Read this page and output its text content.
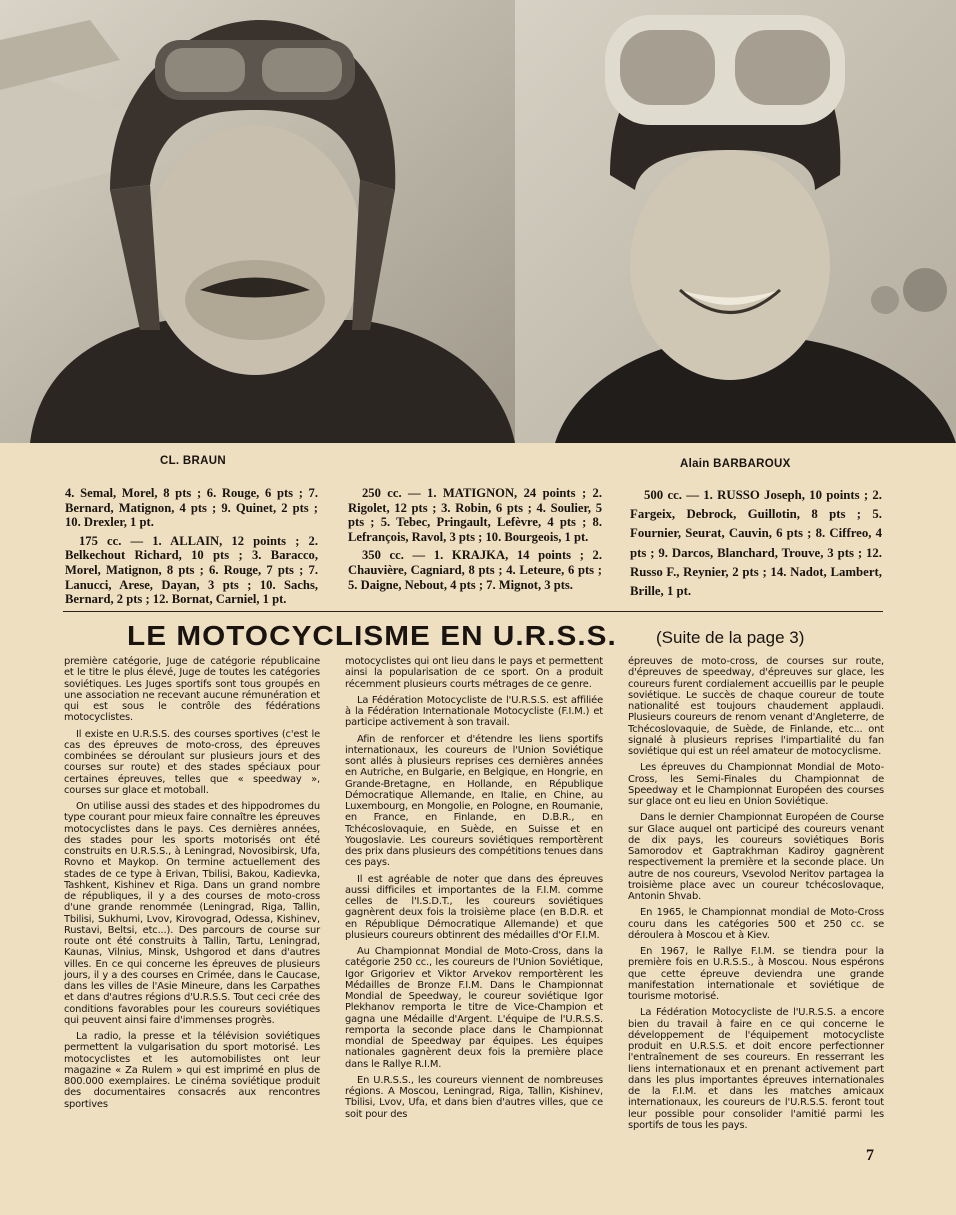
CL. BRAUN	Alain BARBAROUX

4. Semal, Morel, 8 pts ; 6. Rouge, 6 pts ; 7. Bernard, Matignon, 4 pts ; 9. Quinet, 2 pts ; 10. Drexler, 1 pt.

175 cc. — 1. ALLAIN, 12 points ; 2. Belkechout Richard, 10 pts ; 3. Baracco, Morel, Matignon, 8 pts ; 6. Rouge, 7 pts ; 7. Lanucci, Arese, Dayan, 3 pts ; 10. Sachs, Bernard, 2 pts ; 12. Bornat, Carniel, 1 pt.

250 cc. — 1. MATIGNON, 24 points ; 2. Rigolet, 12 pts ; 3. Robin, 6 pts ; 4. Soulier, 5 pts ; 5. Tebec, Pringault, Lefèvre, 4 pts ; 8. Lefrançois, Ravol, 3 pts ; 10. Bourgeois, 1 pt.

350 cc. — 1. KRAJKA, 14 points ; 2. Chauvière, Cagniard, 8 pts ; 4. Leteure, 6 pts ; 5. Daigne, Nebout, 4 pts ; 7. Mignot, 3 pts.

500 cc. — 1. RUSSO Joseph, 10 points ; 2. Fargeix, Debrock, Guillotin, 8 pts ; 5. Fournier, Seurat, Cauvin, 6 pts ; 8. Ciffreo, 4 pts ; 9. Darcos, Blanchard, Trouve, 3 pts ; 12. Russo F., Reynier, 2 pts ; 14. Nadot, Lambert, Brille, 1 pt.

LE MOTOCYCLISME EN U.R.S.S. (Suite de la page 3)

première catégorie, Juge de catégorie républicaine et le titre le plus élevé, Juge de toutes les catégories soviétiques. Les Juges sportifs sont tous groupés en une association ne recevant aucune rémunération et qui est sous le contrôle des fédérations motocyclistes.

Il existe en U.R.S.S. des courses sportives (c'est le cas des épreuves de moto-cross, des épreuves combinées se déroulant sur plusieurs jours et des courses sur route) et des stades spéciaux pour certaines épreuves, telles que « speedway », courses sur glace et motoball.

On utilise aussi des stades et des hippodromes du type courant pour mieux faire connaître les épreuves motocyclistes dans le pays. Ces dernières années, des stades pour les sports motorisés ont été construits en U.R.S.S., à Leningrad, Novosibirsk, Ufa, Rovno et Maykop. On termine actuellement des stades de ce type à Erivan, Tbilisi, Bakou, Kadievka, Tashkent, Kishinev et Riga. Dans un grand nombre de républiques, il y a des courses de moto-cross d'une grande renommée (Leningrad, Riga, Tallin, Tbilisi, Sukhumi, Lvov, Kirovograd, Odessa, Kishinev, Rustavi, Beltsi, etc...). Des parcours de course sur route ont été construits à Tallin, Tartu, Leningrad, Kaunas, Vilnius, Minsk, Ushgorod et dans d'autres villes. En ce qui concerne les épreuves de plusieurs jours, il y a des courses en Crimée, dans le Caucase, dans les villes de l'Asie Mineure, dans les Carpathes et dans d'autres régions d'U.R.S.S. Tout ceci crée des conditions favorables pour les coureurs soviétiques qui peuvent ainsi faire d'immenses progrès.

La radio, la presse et la télévision soviétiques permettent la vulgarisation du sport motorisé. Les motocyclistes et les automobilistes ont leur magazine « Za Rulem » qui est imprimé en plus de 800.000 exemplaires. Le cinéma soviétique produit des documentaires consacrés aux rencontres sportives

motocyclistes qui ont lieu dans le pays et permettent ainsi la popularisation de ce sport. On a produit récemment plusieurs courts métrages de ce genre.

La Fédération Motocycliste de l'U.R.S.S. est affiliée à la Fédération Internationale Motocycliste (F.I.M.) et participe activement à son travail.

Afin de renforcer et d'étendre les liens sportifs internationaux, les coureurs de l'Union Soviétique sont allés à plusieurs reprises ces dernières années en Autriche, en Bulgarie, en Belgique, en Hongrie, en Grande-Bretagne, en Hollande, en République Démocratique Allemande, en Italie, en Chine, au Luxembourg, en Mongolie, en Pologne, en Roumanie, en France, en Finlande, en D.B.R., en Tchécoslovaquie, en Suède, en Suisse et en Yougoslavie. Les coureurs soviétiques remportèrent des prix dans plusieurs des compétitions tenues dans ces pays.

Il est agréable de noter que dans des épreuves aussi difficiles et importantes de la F.I.M. comme celles de l'I.S.D.T., les coureurs soviétiques gagnèrent deux fois la troisième place (en B.D.R. et en République Démocratique Allemande) et que plusieurs coureurs obtinrent des médailles d'Or F.I.M.

Au Championnat Mondial de Moto-Cross, dans la catégorie 250 cc., les coureurs de l'Union Soviétique, Igor Grigoriev et Viktor Arvekov remportèrent les Médailles de Bronze F.I.M. Dans le Championnat Mondial de Speedway, le coureur soviétique Igor Plekhanov remporta le titre de Vice-Champion et gagna une Médaille d'Argent. L'équipe de l'U.R.S.S. remporta la seconde place dans le Championnat mondial de Speedway par équipes. Les équipes nationales gagnèrent deux fois la première place dans le Rallye R.I.M.

En U.R.S.S., les coureurs viennent de nombreuses régions. A Moscou, Leningrad, Riga, Tallin, Kishinev, Tbilisi, Lvov, Ufa, et dans bien d'autres villes, que ce soit pour des

épreuves de moto-cross, de courses sur route, d'épreuves de speedway, d'épreuves sur glace, les coureurs furent cordialement accueillis par le peuple soviétique. Le succès de chaque coureur de toute nationalité est toujours chaudement applaudi. Plusieurs coureurs de renom venant d'Angleterre, de Tchécoslovaquie, de Suède, de Finlande, etc... ont signalé à plusieurs reprises l'impartialité du fan soviétique qui est un réel amateur de motocyclisme.

Les épreuves du Championnat Mondial de Moto-Cross, les Semi-Finales du Championnat de Speedway et le Championnat Européen des courses sur glace ont eu lieu en Union Soviétique.

Dans le dernier Championnat Européen de Course sur Glace auquel ont participé des coureurs venant de dix pays, les coureurs soviétiques Boris Samorodov et Gaptrakhman Kadiroy gagnèrent respectivement la première et la seconde place. Un autre de nos coureurs, Vsevolod Neritov partagea la troisième place avec un coureur tchécoslovaque, Antonin Shvab.

En 1965, le Championnat mondial de Moto-Cross couru dans les catégories 500 et 250 cc. se déroulera à Moscou et à Kiev.

En 1967, le Rallye F.I.M. se tiendra pour la première fois en U.R.S.S., à Moscou. Nous espérons que cette épreuve deviendra une grande manifestation internationale et soviétique de tourisme motorisé.

La Fédération Motocycliste de l'U.R.S.S. a encore bien du travail à faire en ce qui concerne le développement de l'équipement motocycliste produit en U.R.S.S. et doit encore perfectionner l'entraînement de ses coureurs. En resserrant les liens internationaux et en prenant activement part dans les plus importantes épreuves internationales de la F.I.M. et dans les matches amicaux internationaux, les coureurs de l'U.R.S.S. feront tout leur possible pour consolider l'amitié parmi les sportifs de tous les pays.

7
